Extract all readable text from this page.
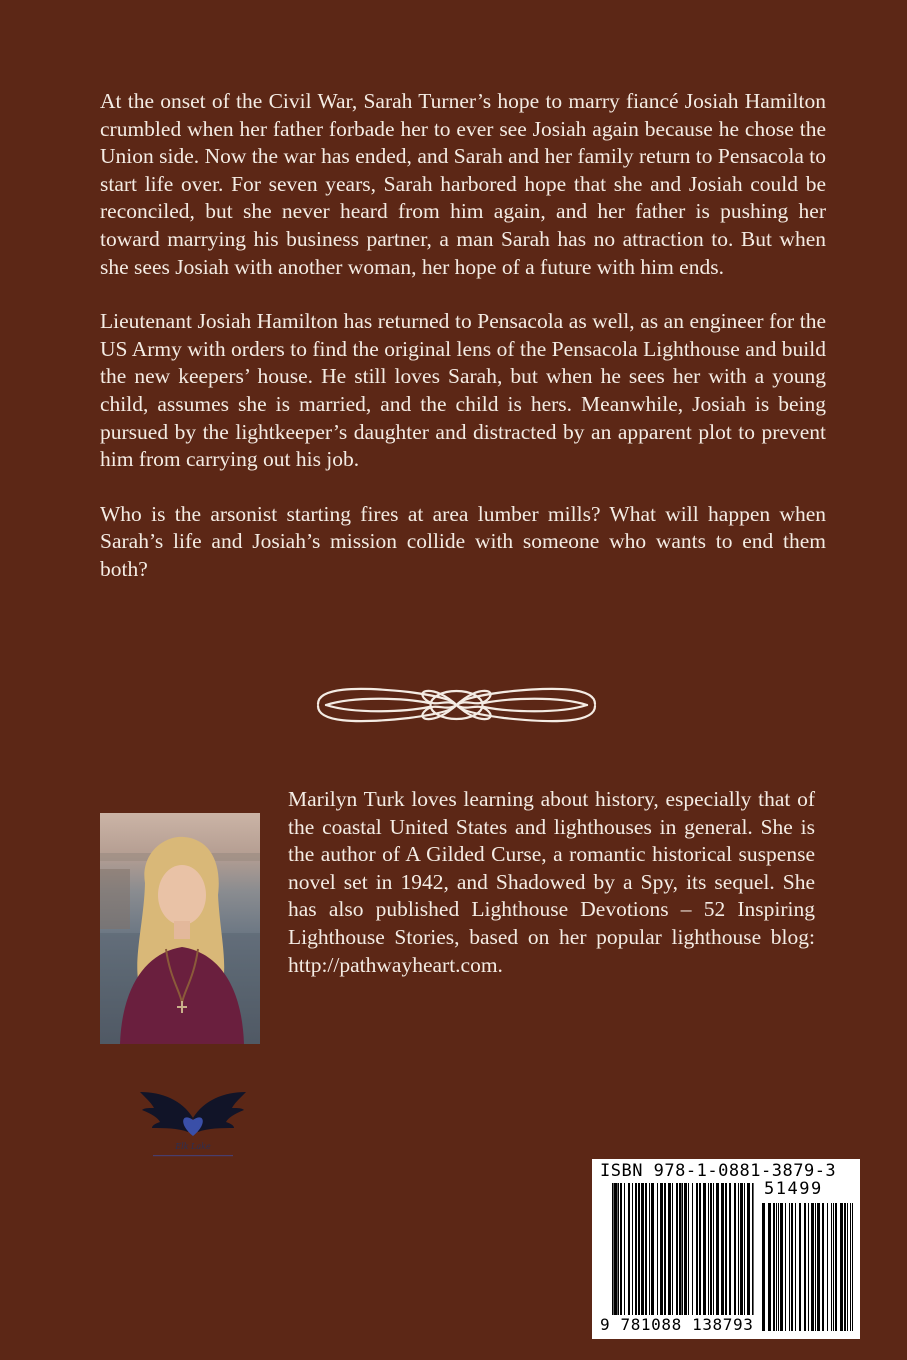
At the onset of the Civil War, Sarah Turner’s hope to marry fiancé Josiah Hamilton crumbled when her father forbade her to ever see Josiah again because he chose the Union side. Now the war has ended, and Sarah and her family return to Pensacola to start life over. For seven years, Sarah harbored hope that she and Josiah could be reconciled, but she never heard from him again, and her father is pushing her toward marrying his business partner, a man Sarah has no attraction to. But when she sees Josiah with another woman, her hope of a future with him ends.

Lieutenant Josiah Hamilton has returned to Pensacola as well, as an engineer for the US Army with orders to find the original lens of the Pensacola Lighthouse and build the new keepers’ house. He still loves Sarah, but when he sees her with a young child, assumes she is married, and the child is hers. Meanwhile, Josiah is being pursued by the lightkeeper’s daughter and distracted by an apparent plot to prevent him from carrying out his job.

Who is the arsonist starting fires at area lumber mills? What will happen when Sarah’s life and Josiah’s mission collide with someone who wants to end them both?

Marilyn Turk loves learning about history, especially that of the coastal United States and lighthouses in general. She is the author of A Gilded Curse, a romantic historical suspense novel set in 1942, and Shadowed by a Spy, its sequel. She has also published Lighthouse Devotions – 52 Inspiring Lighthouse Stories, based on her popular lighthouse blog: http://pathwayheart.com.

Elk Lake
ISBN 978-1-0881-3879-3
51499
9 781088 138793
